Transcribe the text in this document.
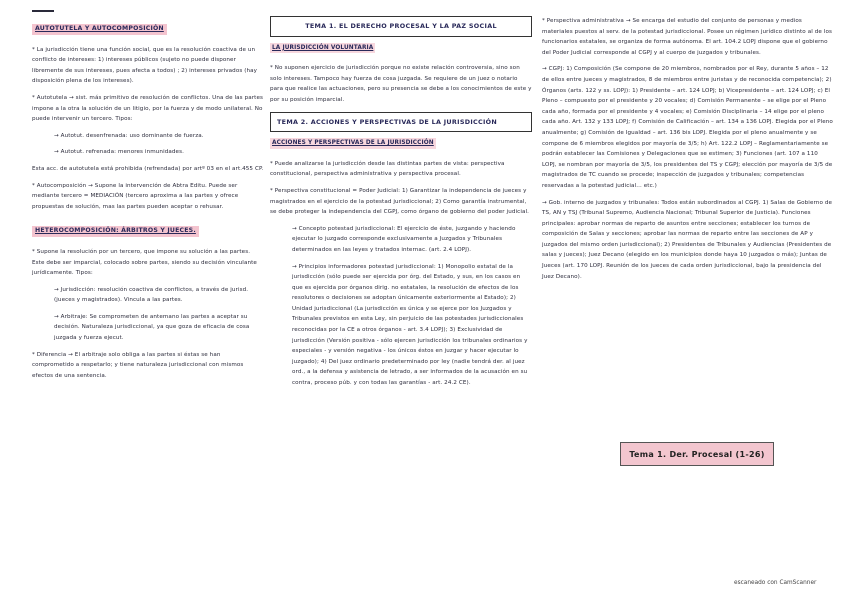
AUTOTUTELA Y AUTOCOMPOSICIÓN

* La jurisdicción tiene una función social, que es la resolución coactiva de un conflicto de intereses: 1) intereses públicos (sujeto no puede disponer libremente de sus intereses, pues afecta a todos) ; 2) intereses privados (hay disposición plena de los intereses).

* Autotutela → sist. más primitivo de resolución de conflictos. Una de las partes impone a la otra la solución de un litigio, por la fuerza y de modo unilateral. No puede intervenir un tercero. Tipos:

→ Autotut. desenfrenada: uso dominante de fuerza.

→ Autotut. refrenada: menores inmunidades.

Esta acc. de autotutela está prohibida (refrendada) por artº 03 en el art.455 CP.

* Autocomposición → Supone la intervención de Abtra Editu. Puede ser mediante tercero = MEDIACIÓN (tercero aproxima a las partes y ofrece propuestas de solución, mas las partes pueden aceptar o rehusar.

HETEROCOMPOSICIÓN: ÁRBITROS Y JUECES.

* Supone la resolución por un tercero, que impone su solución a las partes. Este debe ser imparcial, colocado sobre partes, siendo su decisión vinculante jurídicamente. Tipos:

→ Jurisdicción: resolución coactiva de conflictos, a través de jurisd. (jueces y magistrados). Vincula a las partes.

→ Arbitraje: Se comprometen de antemano las partes a aceptar su decisión. Naturaleza jurisdiccional, ya que goza de eficacia de cosa juzgada y fuerza ejecut.

* Diferencia → El arbitraje solo obliga a las partes si éstas se han comprometido a respetarlo; y tiene naturaleza jurisdiccional con mismos efectos de una sentencia.

TEMA 1. EL DERECHO PROCESAL Y LA PAZ SOCIAL
LA JURISDICCIÓN VOLUNTARIA

* No suponen ejercicio de jurisdicción porque no existe relación controversia, sino son solo intereses. Tampoco hay fuerza de cosa juzgada. Se requiere de un juez o notario para que realice las actuaciones, pero su presencia se debe a los conocimientos de este y por su posición imparcial.

TEMA 2. ACCIONES Y PERSPECTIVAS DE LA JURISDICCIÓN
ACCIONES Y PERSPECTIVAS DE LA JURISDICCIÓN

* Puede analizarse la jurisdicción desde las distintas partes de vista: perspectiva constitucional, perspectiva administrativa y perspectiva procesal.

* Perspectiva constitucional = Poder Judicial: 1) Garantizar la independencia de jueces y magistrados en el ejercicio de la potestad jurisdiccional; 2) Como garantía instrumental, se debe proteger la independencia del CGPJ, como órgano de gobierno del poder judicial.

→ Concepto potestad jurisdiccional: El ejercicio de éste, juzgando y haciendo ejecutar lo juzgado corresponde exclusivamente a Juzgados y Tribunales determinados en las leyes y tratados internac. (art. 2.4 LOPJ).

→ Principios informadores potestad jurisdiccional: 1) Monopolio estatal de la jurisdicción (sólo puede ser ejercida por órg. del Estado, y sus, en los casos en que es ejercida por órganos dirig. no estatales, la resolución de efectos de los resolutores o decisiones se adoptan únicamente exteriormente al Estado); 2) Unidad jurisdiccional (La jurisdicción es única y se ejerce por los Juzgados y Tribunales previstos en esta Ley, sin perjuicio de las potestades jurisdiccionales reconocidas por la CE a otros órganos - art. 3.4 LOPJ); 3) Exclusividad de jurisdicción (Versión positiva - sólo ejercen jurisdicción los tribunales ordinarios y especiales - y versión negativa - los únicos éstos en juzgar y hacer ejecutar lo juzgado); 4) Del juez ordinario predeterminado por ley (nadie tendrá der. al juez ord., a la defensa y asistencia de letrado, a ser informados de la acusación en su contra, proceso púb. y con todas las garantías - art. 24.2 CE).

* Perspectiva administrativa → Se encarga del estudio del conjunto de personas y medios materiales puestos al serv. de la potestad jurisdiccional. Posee un régimen jurídico distinto al de los funcionarios estatales, se organiza de forma autónoma. El art. 104.2 LOPJ dispone que el gobierno del Poder Judicial corresponde al CGPJ y al cuerpo de juzgados y tribunales.

→ CGPJ: 1) Composición (Se compone de 20 miembros, nombrados por el Rey, durante 5 años – 12 de ellos entre jueces y magistrados, 8 de miembros entre juristas y de reconocida competencia); 2) Órganos (arts. 122 y ss. LOPJ): 1) Presidente – art. 124 LOPJ; b) Vicepresidente – art. 124 LOPJ; c) El Pleno – compuesto por el presidente y 20 vocales; d) Comisión Permanente – se elige por el Pleno cada año, formada por el presidente y 4 vocales; e) Comisión Disciplinaria – 14 elige por el pleno cada año. Art. 132 y 133 LOPJ; f) Comisión de Calificación – art. 134 a 136 LOPJ. Elegida por el Pleno anualmente; g) Comisión de Igualdad – art. 136 bis LOPJ. Elegida por el pleno anualmente y se compone de 6 miembros elegidos por mayoría de 3/5; h) Art. 122.2 LOPJ – Reglamentariamente se podrán establecer las Comisiones y Delegaciones que se estimen; 3) Funciones (art. 107 a 110 LOPJ, se nombran por mayoría de 3/5, los presidentes del TS y CGPJ; elección por mayoría de 3/5 de magistrados de TC cuando se procede; inspección de juzgados y tribunales; competencias reservadas a la potestad judicial... etc.)

→ Gob. interno de juzgados y tribunales: Todos están subordinados al CGPJ. 1) Salas de Gobierno de TS, AN y TSJ (Tribunal Supremo, Audiencia Nacional; Tribunal Superior de Justicia). Funciones principales: aprobar normas de reparto de asuntos entre secciones; establecer los turnos de composición de Salas y secciones; aprobar las normas de reparto entre las secciones de AP y juzgados del mismo orden jurisdiccional); 2) Presidentes de Tribunales y Audiencias (Presidentes de salas y jueces); Juez Decano (elegido en los municipios donde haya 10 juzgados o más); Juntas de Jueces (art. 170 LOPJ. Reunión de los jueces de cada orden jurisdiccional, bajo la presidencia del Juez Decano).

Tema 1. Der. Procesal (1-26)
escaneado con CamScanner
